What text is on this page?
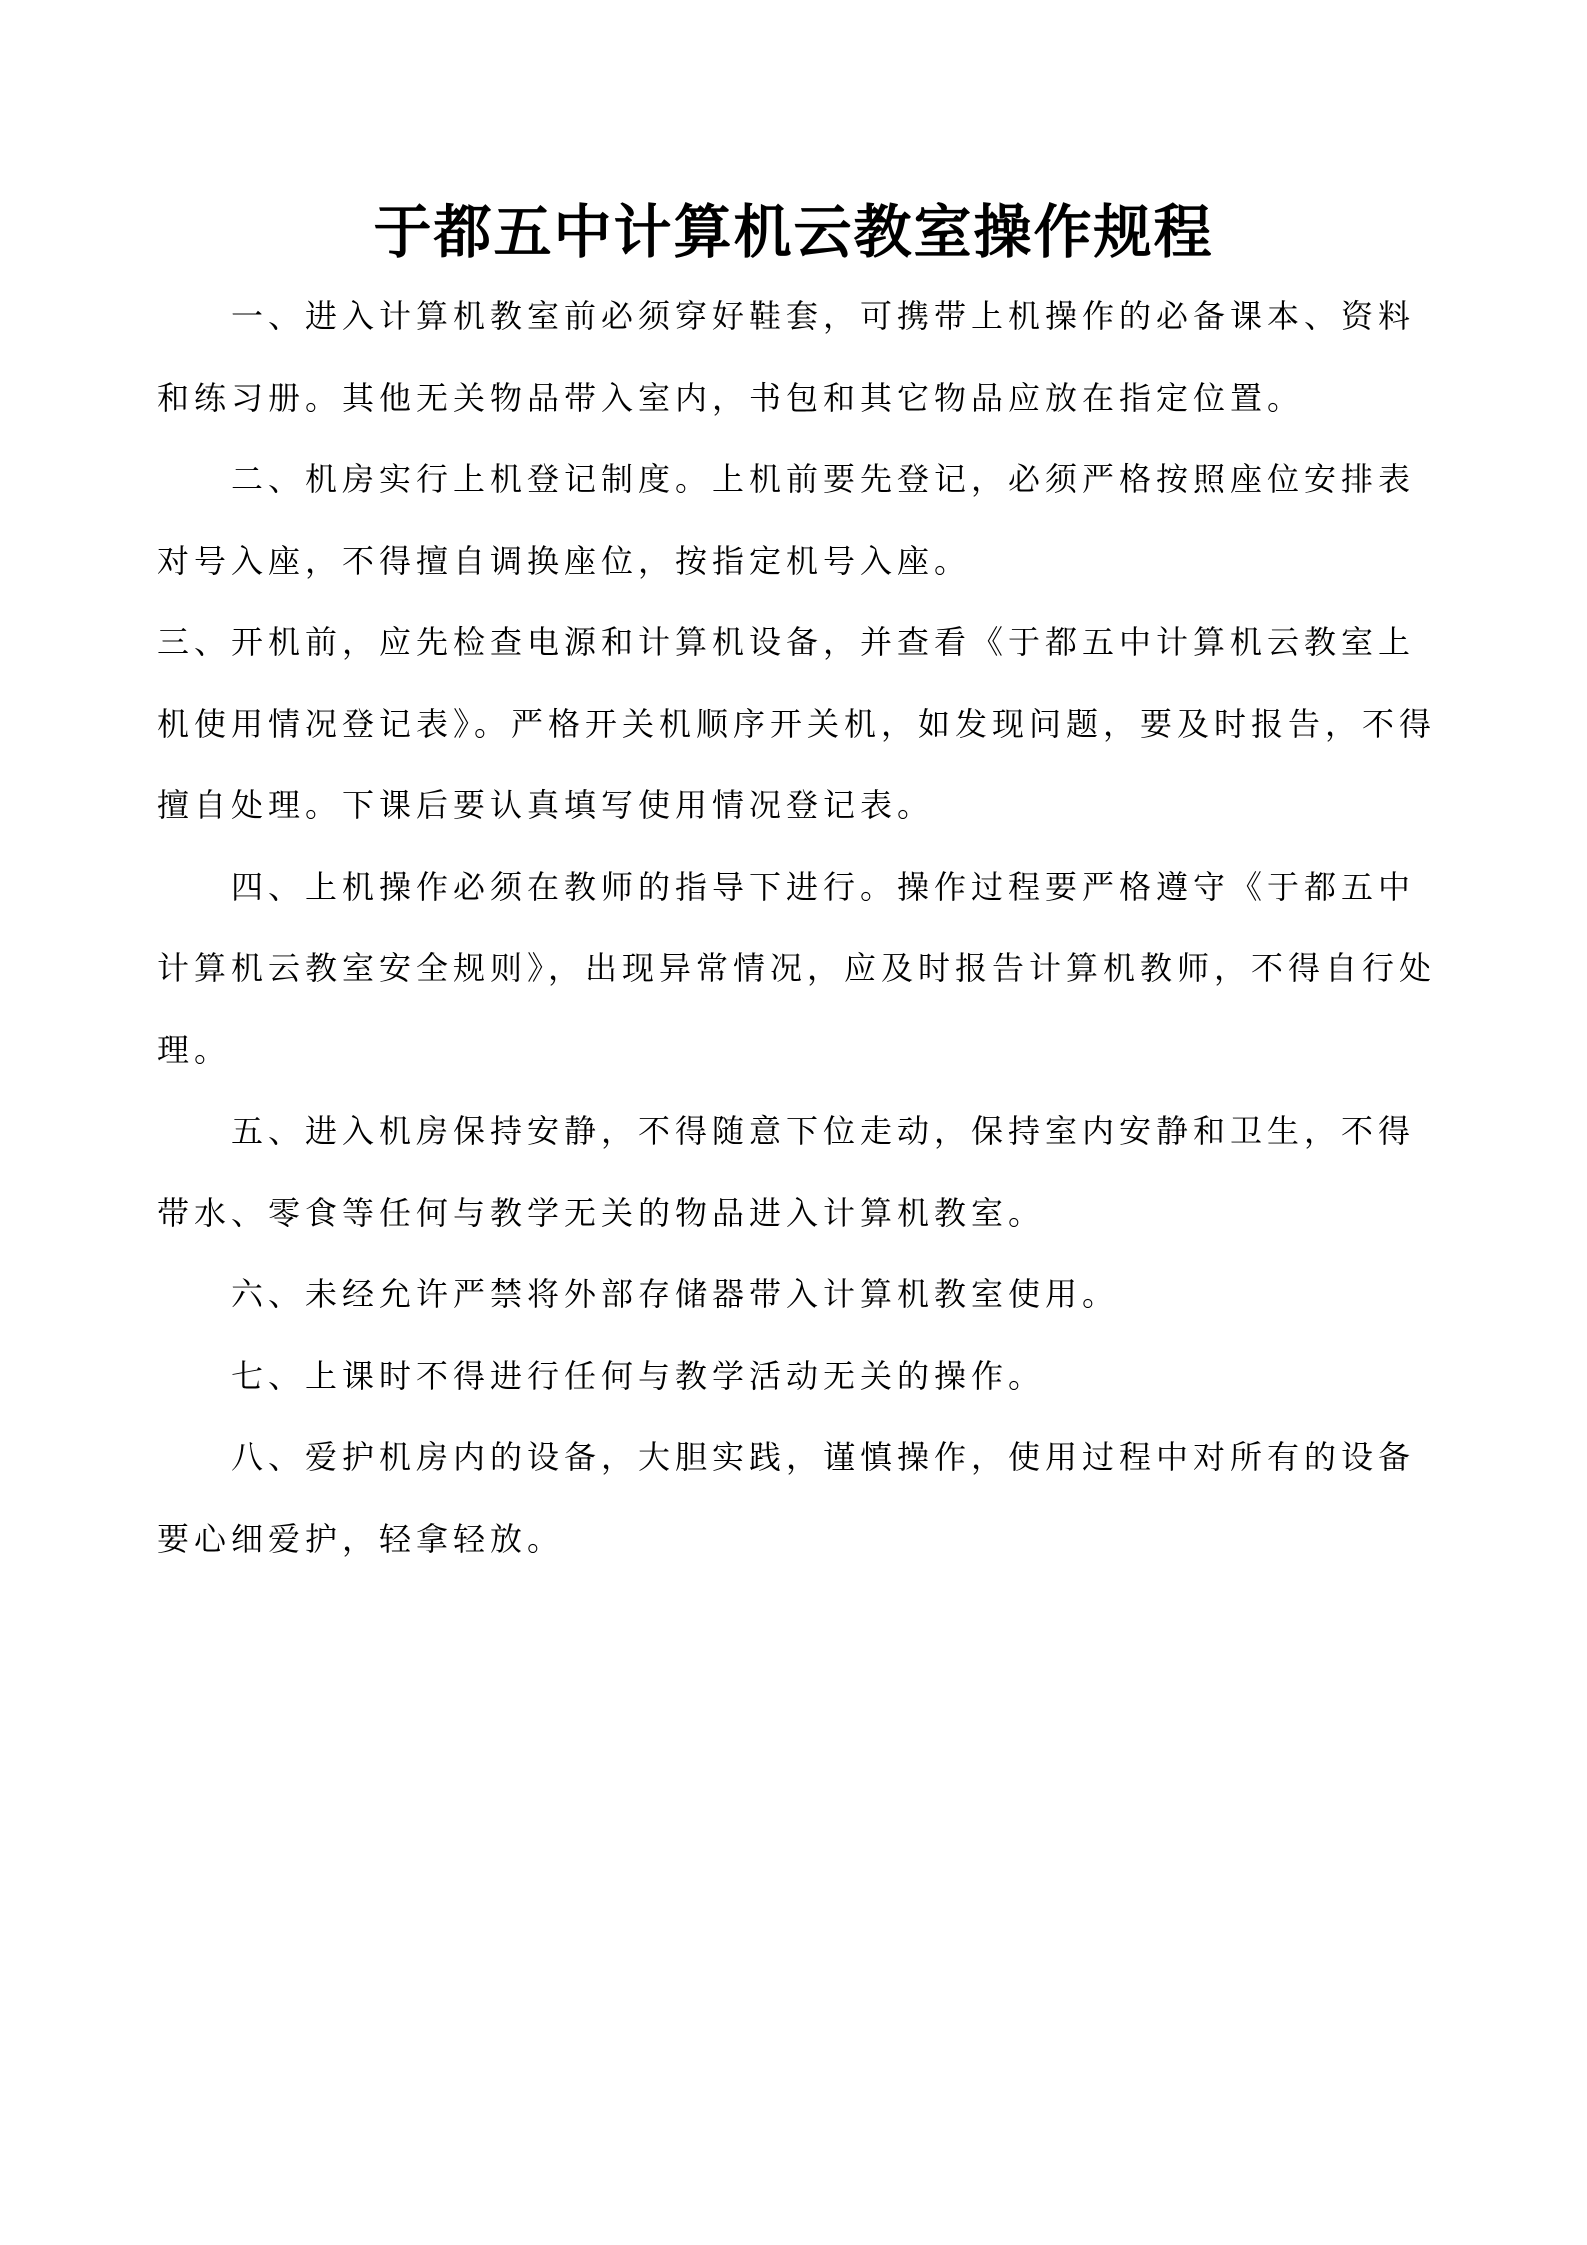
于都五中计算机云教室操作规程
一、进入计算机教室前必须穿好鞋套，可携带上机操作的必备课本、资料
和练习册。其他无关物品带入室内，书包和其它物品应放在指定位置。
二、机房实行上机登记制度。上机前要先登记，必须严格按照座位安排表
对号入座，不得擅自调换座位，按指定机号入座。
三、开机前，应先检查电源和计算机设备，并查看《于都五中计算机云教室上
机使用情况登记表》。严格开关机顺序开关机，如发现问题，要及时报告，不得
擅自处理。下课后要认真填写使用情况登记表。
四、上机操作必须在教师的指导下进行。操作过程要严格遵守《于都五中
计算机云教室安全规则》，出现异常情况，应及时报告计算机教师，不得自行处
理。
五、进入机房保持安静，不得随意下位走动，保持室内安静和卫生，不得
带水、零食等任何与教学无关的物品进入计算机教室。
六、未经允许严禁将外部存储器带入计算机教室使用。
七、上课时不得进行任何与教学活动无关的操作。
八、爱护机房内的设备，大胆实践，谨慎操作，使用过程中对所有的设备
要心细爱护，轻拿轻放。
